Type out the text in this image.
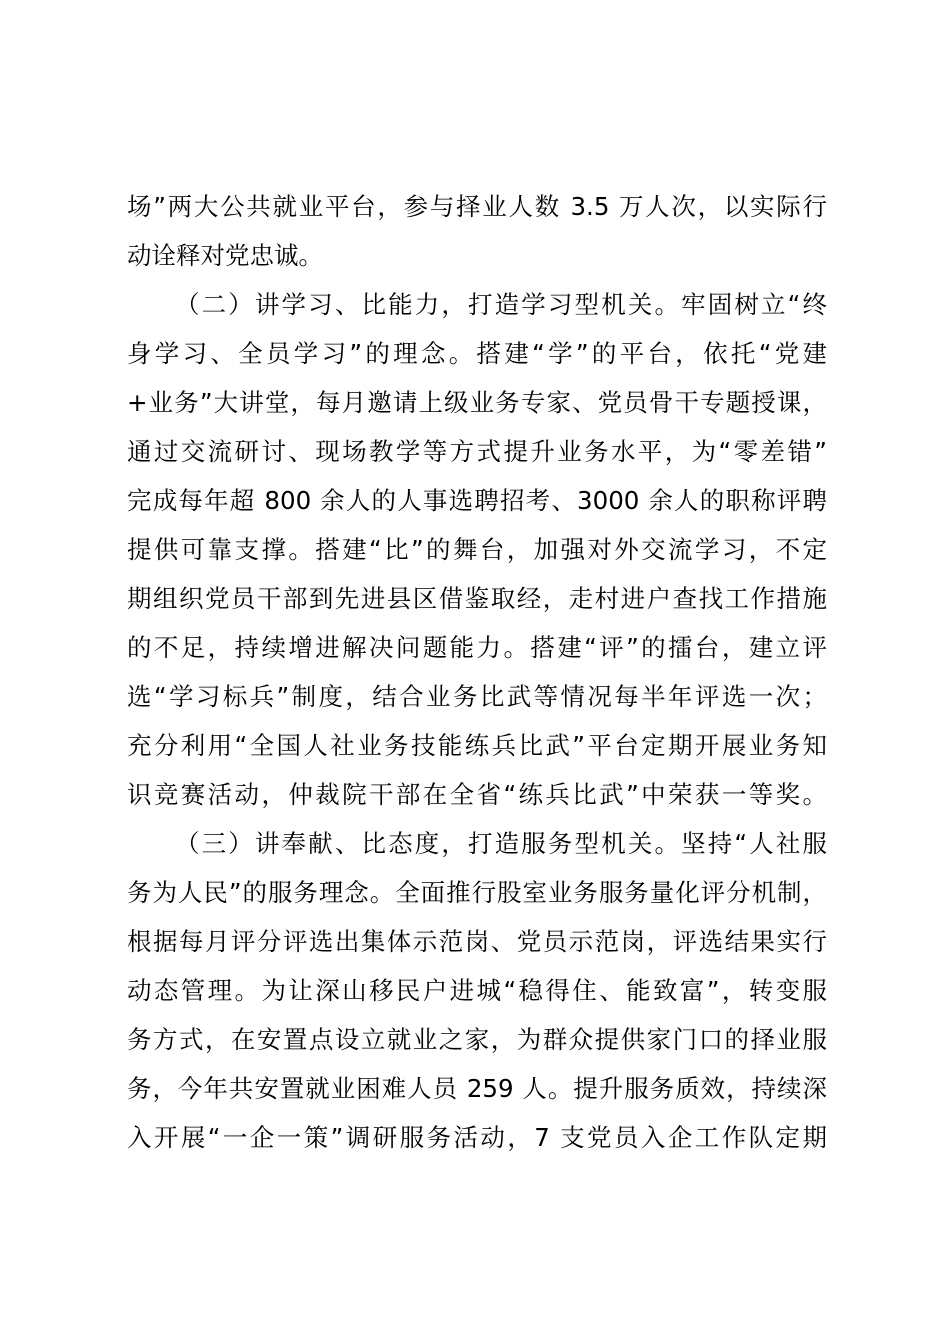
场”两大公共就业平台，参与择业人数 3.5 万人次，以实际行
动诠释对党忠诚。
（二）讲学习、比能力，打造学习型机关。牢固树立“终
身学习、全员学习”的理念。搭建“学”的平台，依托“党建
+业务”大讲堂，每月邀请上级业务专家、党员骨干专题授课，
通过交流研讨、现场教学等方式提升业务水平，为“零差错”
完成每年超 800 余人的人事选聘招考、3000 余人的职称评聘
提供可靠支撑。搭建“比”的舞台，加强对外交流学习，不定
期组织党员干部到先进县区借鉴取经，走村进户查找工作措施
的不足，持续增进解决问题能力。搭建“评”的擂台，建立评
选“学习标兵”制度，结合业务比武等情况每半年评选一次；
充分利用“全国人社业务技能练兵比武”平台定期开展业务知
识竞赛活动，仲裁院干部在全省“练兵比武”中荣获一等奖。
（三）讲奉献、比态度，打造服务型机关。坚持“人社服
务为人民”的服务理念。全面推行股室业务服务量化评分机制，
根据每月评分评选出集体示范岗、党员示范岗，评选结果实行
动态管理。为让深山移民户进城“稳得住、能致富”，转变服
务方式，在安置点设立就业之家，为群众提供家门口的择业服
务，今年共安置就业困难人员 259 人。提升服务质效，持续深
入开展“一企一策”调研服务活动，7 支党员入企工作队定期
